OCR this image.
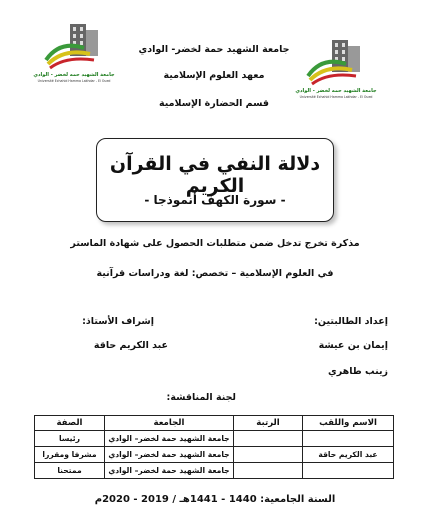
جامعة الشهيد حمه لخضر - الوادي
Université Echahid Hamma Lakhdar - El Oued
جامعة الشهيد حمه لخضر - الوادي
Université Echahid Hamma Lakhdar - El Oued
جامعة الشهيد حمة لخضر- الوادي
معهد العلوم الإسلامية
قسم الحضارة الإسلامية
دلالة النفي في القرآن الكريم
- سورة الكهف أنموذجا -
مذكرة تخرج تدخل ضمن متطلبات الحصول على شهادة الماستر
في العلوم الإسلامية – تخصص: لغة ودراسات قرآنية
إعداد الطالبتين:
إشراف الأستاذ:
إيمان بن عيشة
عبد الكريم حاقة
زينب طاهري
لجنة المناقشة:
الاسم واللقب	الرتبة	الجامعة	الصفة
		جامعة الشهيد حمة لخضر– الوادي	رئيسا
عبد الكريم حاقة		جامعة الشهيد حمة لخضر– الوادي	مشرفا ومقررا
		جامعة الشهيد حمة لخضر– الوادي	ممتحنا
السنة الجامعية: 1440 - 1441هـ / 2019 - 2020م
